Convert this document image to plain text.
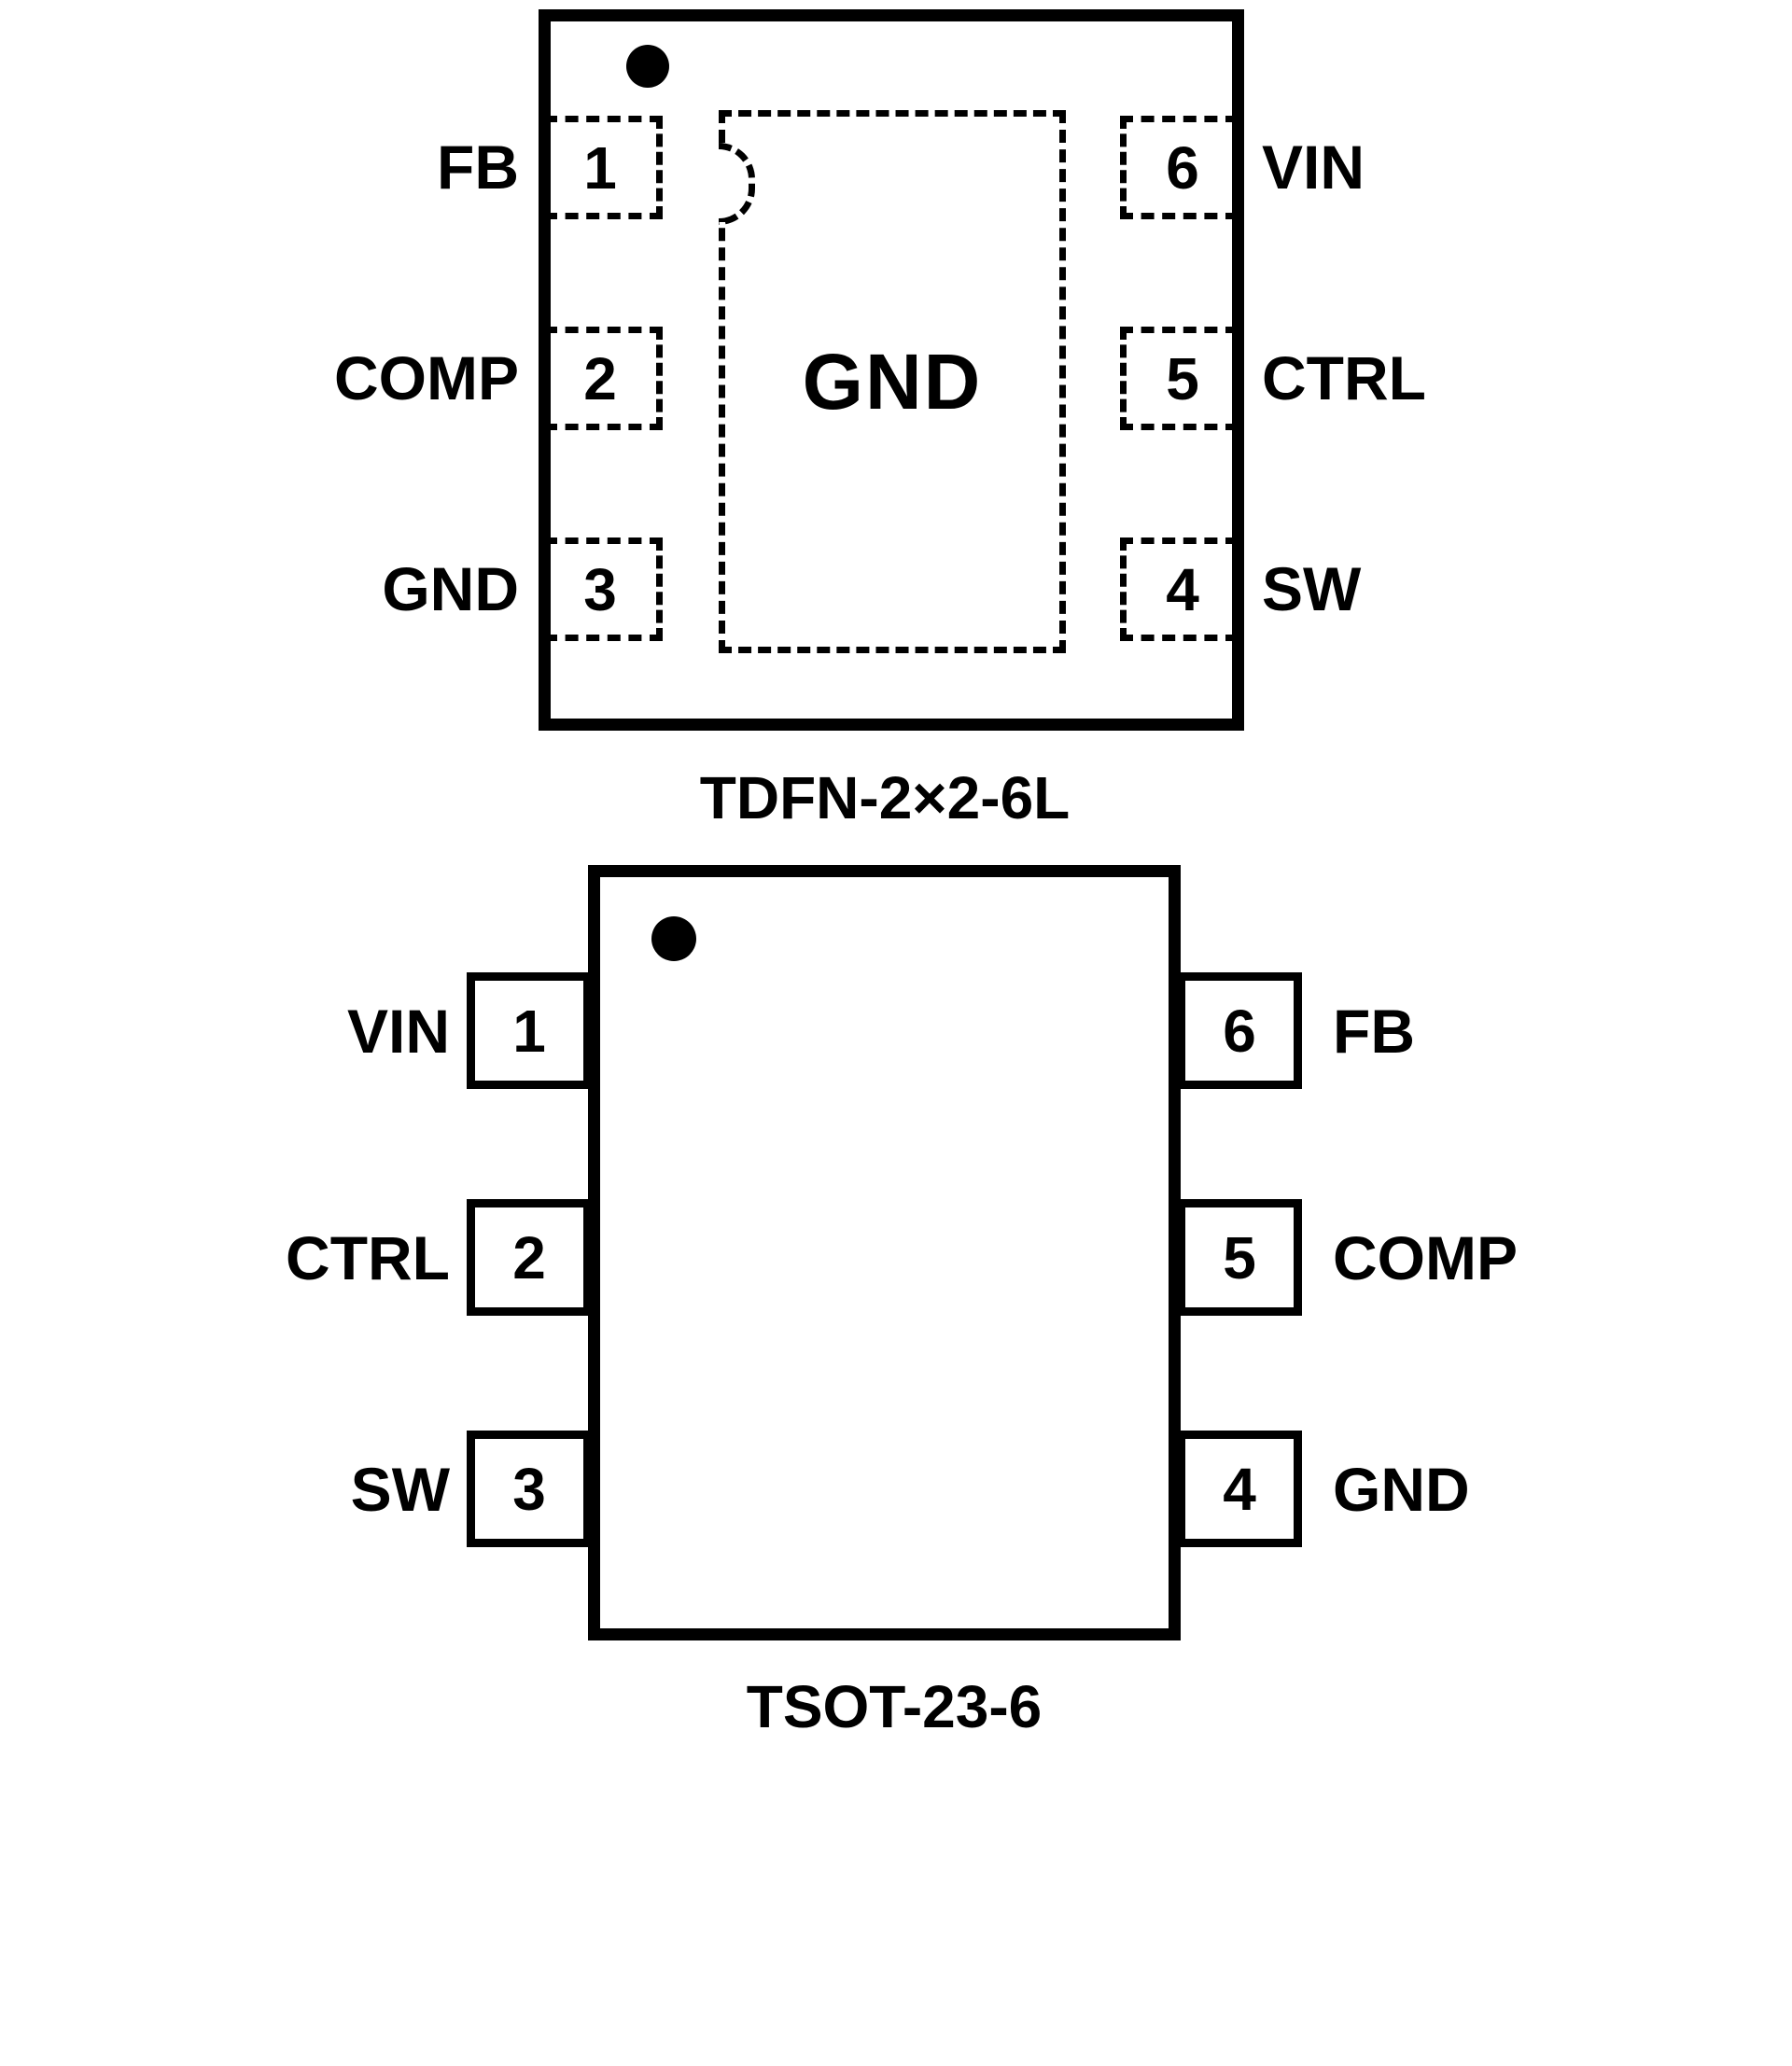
GND
1
2
3
6
5
4
FB
COMP
GND
VIN
CTRL
SW
TDFN-2×2-6L
1
2
3
6
5
4
VIN
CTRL
SW
FB
COMP
GND
TSOT-23-6
